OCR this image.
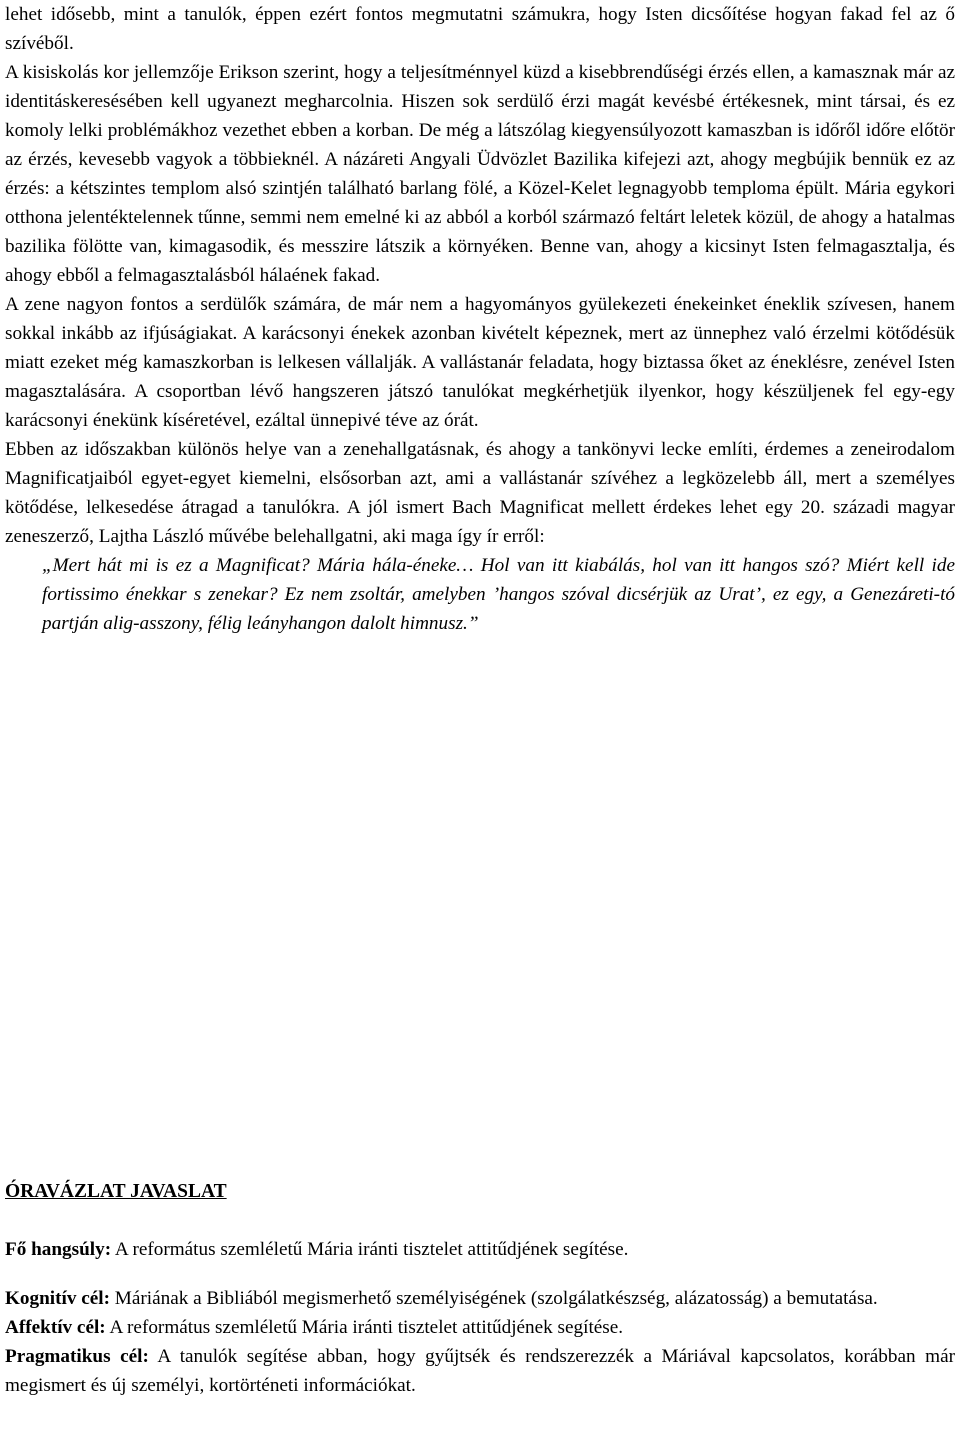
lehet idősebb, mint a tanulók, éppen ezért fontos megmutatni számukra, hogy Isten dicsőítése hogyan fakad fel az ő szívéből.

A kisiskolás kor jellemzője Erikson szerint, hogy a teljesítménnyel küzd a kisebbrendűségi érzés ellen, a kamasznak már az identitáskeresésében kell ugyanezt megharcolnia. Hiszen sok serdülő érzi magát kevésbé értékesnek, mint társai, és ez komoly lelki problémákhoz vezethet ebben a korban. De még a látszólag kiegyensúlyozott kamaszban is időről időre előtör az érzés, kevesebb vagyok a többieknél. A názáreti Angyali Üdvözlet Bazilika kifejezi azt, ahogy megbújik bennük ez az érzés: a kétszintes templom alsó szintjén található barlang fölé, a Közel-Kelet legnagyobb temploma épült. Mária egykori otthona jelentéktelennek tűnne, semmi nem emelné ki az abból a korból származó feltárt leletek közül, de ahogy a hatalmas bazilika fölötte van, kimagasodik, és messzire látszik a környéken. Benne van, ahogy a kicsinyt Isten felmagasztalja, és ahogy ebből a felmagasztalásból hálaének fakad.

A zene nagyon fontos a serdülők számára, de már nem a hagyományos gyülekezeti énekeinket éneklik szívesen, hanem sokkal inkább az ifjúságiakat. A karácsonyi énekek azonban kivételt képeznek, mert az ünnephez való érzelmi kötődésük miatt ezeket még kamaszkorban is lelkesen vállalják. A vallástanár feladata, hogy biztassa őket az éneklésre, zenével Isten magasztalására. A csoportban lévő hangszeren játszó tanulókat megkérhetjük ilyenkor, hogy készüljenek fel egy-egy karácsonyi énekünk kíséretével, ezáltal ünnepivé téve az órát.

Ebben az időszakban különös helye van a zenehallgatásnak, és ahogy a tankönyvi lecke említi, érdemes a zeneirodalom Magnificatjaiból egyet-egyet kiemelni, elsősorban azt, ami a vallástanár szívéhez a legközelebb áll, mert a személyes kötődése, lelkesedése átragad a tanulókra. A jól ismert Bach Magnificat mellett érdekes lehet egy 20. századi magyar zeneszerző, Lajtha László művébe belehallgatni, aki maga így ír erről:

„Mert hát mi is ez a Magnificat? Mária hála-éneke… Hol van itt kiabálás, hol van itt hangos szó? Miért kell ide fortissimo énekkar s zenekar? Ez nem zsoltár, amelyben ’hangos szóval dicsérjük az Urat’, ez egy, a Genezáreti-tó partján alig-asszony, félig leányhangon dalolt himnusz.”

ÓRAVÁZLAT JAVASLAT

Fő hangsúly: A református szemléletű Mária iránti tisztelet attitűdjének segítése.

Kognitív cél: Máriának a Bibliából megismerhető személyiségének (szolgálatkészség, alázatosság) a bemutatása.

Affektív cél: A református szemléletű Mária iránti tisztelet attitűdjének segítése.

Pragmatikus cél: A tanulók segítése abban, hogy gyűjtsék és rendszerezzék a Máriával kapcsolatos, korábban már megismert és új személyi, kortörténeti információkat.
